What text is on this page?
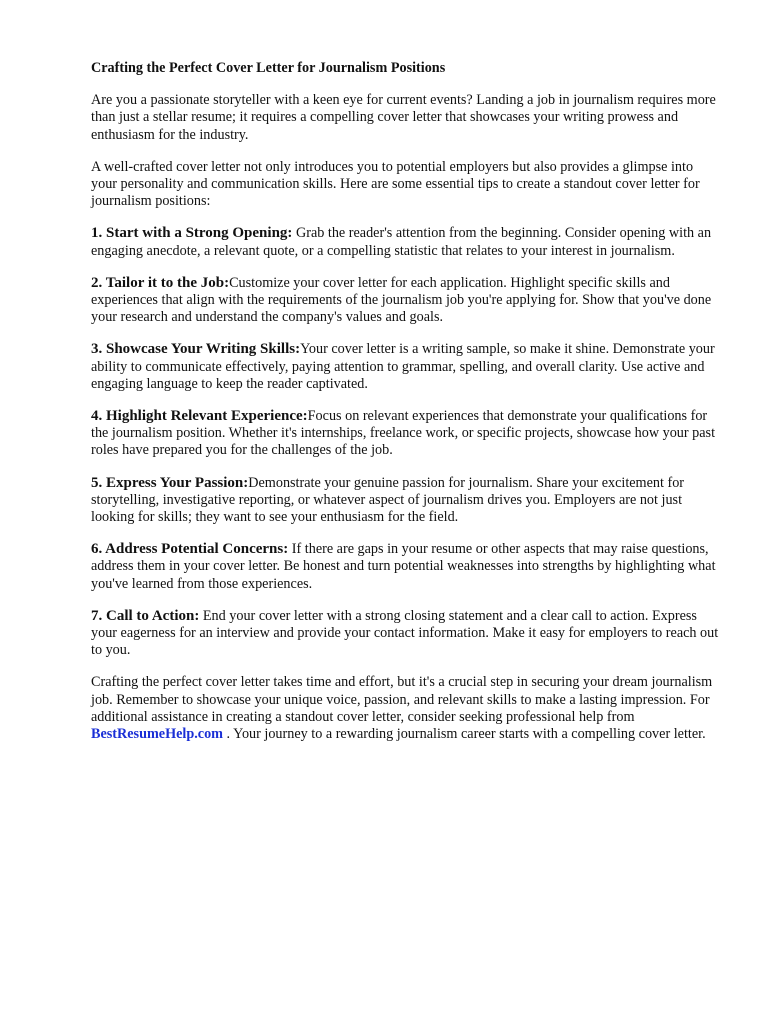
Crafting the Perfect Cover Letter for Journalism Positions

Are you a passionate storyteller with a keen eye for current events? Landing a job in journalism requires more than just a stellar resume; it requires a compelling cover letter that showcases your writing prowess and enthusiasm for the industry.

A well-crafted cover letter not only introduces you to potential employers but also provides a glimpse into your personality and communication skills. Here are some essential tips to create a standout cover letter for journalism positions:

1. Start with a Strong Opening: Grab the reader's attention from the beginning. Consider opening with an engaging anecdote, a relevant quote, or a compelling statistic that relates to your interest in journalism.

2. Tailor it to the Job:Customize your cover letter for each application. Highlight specific skills and experiences that align with the requirements of the journalism job you're applying for. Show that you've done your research and understand the company's values and goals.

3. Showcase Your Writing Skills:Your cover letter is a writing sample, so make it shine. Demonstrate your ability to communicate effectively, paying attention to grammar, spelling, and overall clarity. Use active and engaging language to keep the reader captivated.

4. Highlight Relevant Experience:Focus on relevant experiences that demonstrate your qualifications for the journalism position. Whether it's internships, freelance work, or specific projects, showcase how your past roles have prepared you for the challenges of the job.

5. Express Your Passion:Demonstrate your genuine passion for journalism. Share your excitement for storytelling, investigative reporting, or whatever aspect of journalism drives you. Employers are not just looking for skills; they want to see your enthusiasm for the field.

6. Address Potential Concerns: If there are gaps in your resume or other aspects that may raise questions, address them in your cover letter. Be honest and turn potential weaknesses into strengths by highlighting what you've learned from those experiences.

7. Call to Action: End your cover letter with a strong closing statement and a clear call to action. Express your eagerness for an interview and provide your contact information. Make it easy for employers to reach out to you.

Crafting the perfect cover letter takes time and effort, but it's a crucial step in securing your dream journalism job. Remember to showcase your unique voice, passion, and relevant skills to make a lasting impression. For additional assistance in creating a standout cover letter, consider seeking professional help from BestResumeHelp.com . Your journey to a rewarding journalism career starts with a compelling cover letter.
